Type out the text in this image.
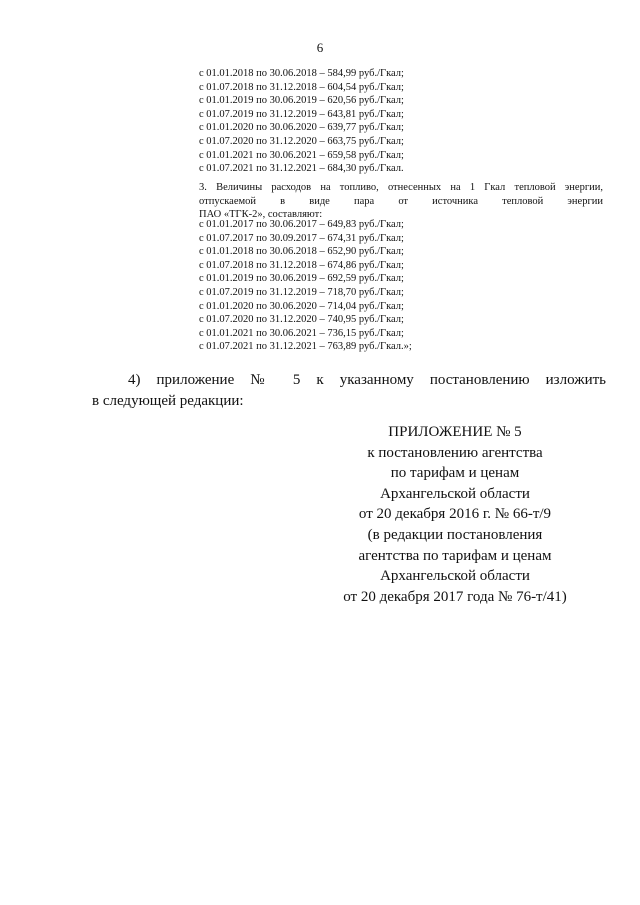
6
с 01.01.2018 по 30.06.2018 – 584,99 руб./Гкал;
с 01.07.2018 по 31.12.2018 – 604,54 руб./Гкал;
с 01.01.2019 по 30.06.2019 – 620,56 руб./Гкал;
с 01.07.2019 по 31.12.2019 – 643,81 руб./Гкал;
с 01.01.2020 по 30.06.2020 – 639,77 руб./Гкал;
с 01.07.2020 по 31.12.2020 – 663,75 руб./Гкал;
с 01.01.2021 по 30.06.2021 – 659,58 руб./Гкал;
с 01.07.2021 по 31.12.2021 – 684,30 руб./Гкал.
3. Величины расходов на топливо, отнесенных на 1 Гкал тепловой энергии,
отпускаемой в виде пара от источника тепловой энергии
ПАО «ТГК-2», составляют:
с 01.01.2017 по 30.06.2017 – 649,83 руб./Гкал;
с 01.07.2017 по 30.09.2017 – 674,31 руб./Гкал;
с 01.01.2018 по 30.06.2018 – 652,90 руб./Гкал;
с 01.07.2018 по 31.12.2018 – 674,86 руб./Гкал;
с 01.01.2019 по 30.06.2019 – 692,59 руб./Гкал;
с 01.07.2019 по 31.12.2019 – 718,70 руб./Гкал;
с 01.01.2020 по 30.06.2020 – 714,04 руб./Гкал;
с 01.07.2020 по 31.12.2020 – 740,95 руб./Гкал;
с 01.01.2021 по 30.06.2021 – 736,15 руб./Гкал;
с 01.07.2021 по 31.12.2021 – 763,89 руб./Гкал.»;
4) приложение № 5 к указанному постановлению изложить
в следующей редакции:
ПРИЛОЖЕНИЕ № 5
к постановлению агентства
по тарифам и ценам
Архангельской области
от 20 декабря 2016 г. № 66-т/9
(в редакции постановления
агентства по тарифам и ценам
Архангельской области
от 20 декабря 2017 года № 76-т/41)
